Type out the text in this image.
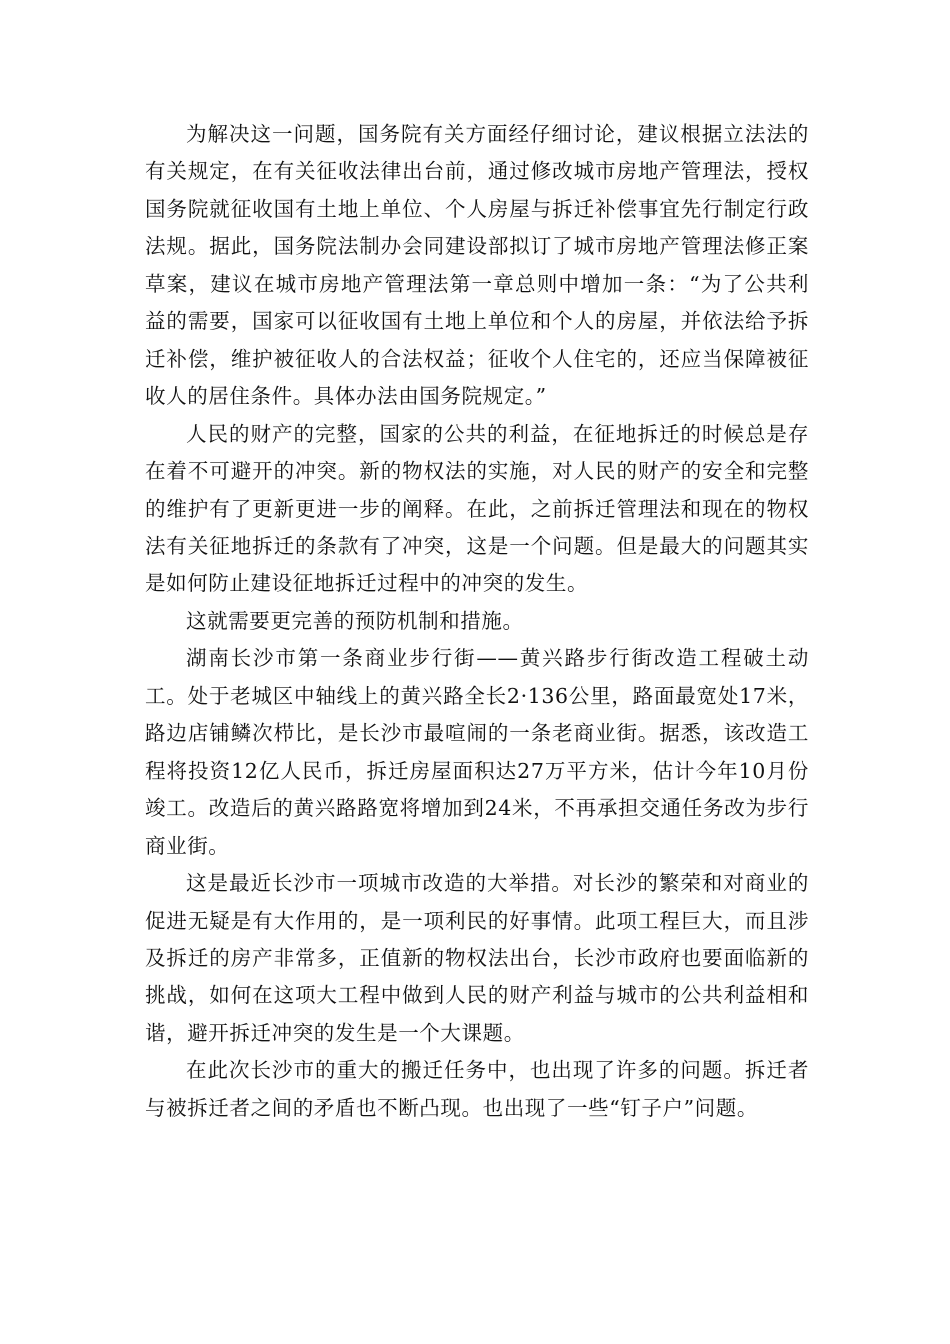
为解决这一问题，国务院有关方面经仔细讨论，建议根据立法法的有关规定，在有关征收法律出台前，通过修改城市房地产管理法，授权国务院就征收国有土地上单位、个人房屋与拆迁补偿事宜先行制定行政法规。据此，国务院法制办会同建设部拟订了城市房地产管理法修正案草案，建议在城市房地产管理法第一章总则中增加一条：“为了公共利益的需要，国家可以征收国有土地上单位和个人的房屋，并依法给予拆迁补偿，维护被征收人的合法权益；征收个人住宅的，还应当保障被征收人的居住条件。具体办法由国务院规定。”

人民的财产的完整，国家的公共的利益，在征地拆迁的时候总是存在着不可避开的冲突。新的物权法的实施，对人民的财产的安全和完整的维护有了更新更进一步的阐释。在此，之前拆迁管理法和现在的物权法有关征地拆迁的条款有了冲突，这是一个问题。但是最大的问题其实是如何防止建设征地拆迁过程中的冲突的发生。

这就需要更完善的预防机制和措施。

湖南长沙市第一条商业步行街——黄兴路步行街改造工程破土动工。处于老城区中轴线上的黄兴路全长2·136公里，路面最宽处17米，路边店铺鳞次栉比，是长沙市最喧闹的一条老商业街。据悉，该改造工程将投资12亿人民币，拆迁房屋面积达27万平方米，估计今年10月份竣工。改造后的黄兴路路宽将增加到24米，不再承担交通任务改为步行商业街。

这是最近长沙市一项城市改造的大举措。对长沙的繁荣和对商业的促进无疑是有大作用的，是一项利民的好事情。此项工程巨大，而且涉及拆迁的房产非常多，正值新的物权法出台，长沙市政府也要面临新的挑战，如何在这项大工程中做到人民的财产利益与城市的公共利益相和谐，避开拆迁冲突的发生是一个大课题。

在此次长沙市的重大的搬迁任务中，也出现了许多的问题。拆迁者与被拆迁者之间的矛盾也不断凸现。也出现了一些“钉子户”问题。
